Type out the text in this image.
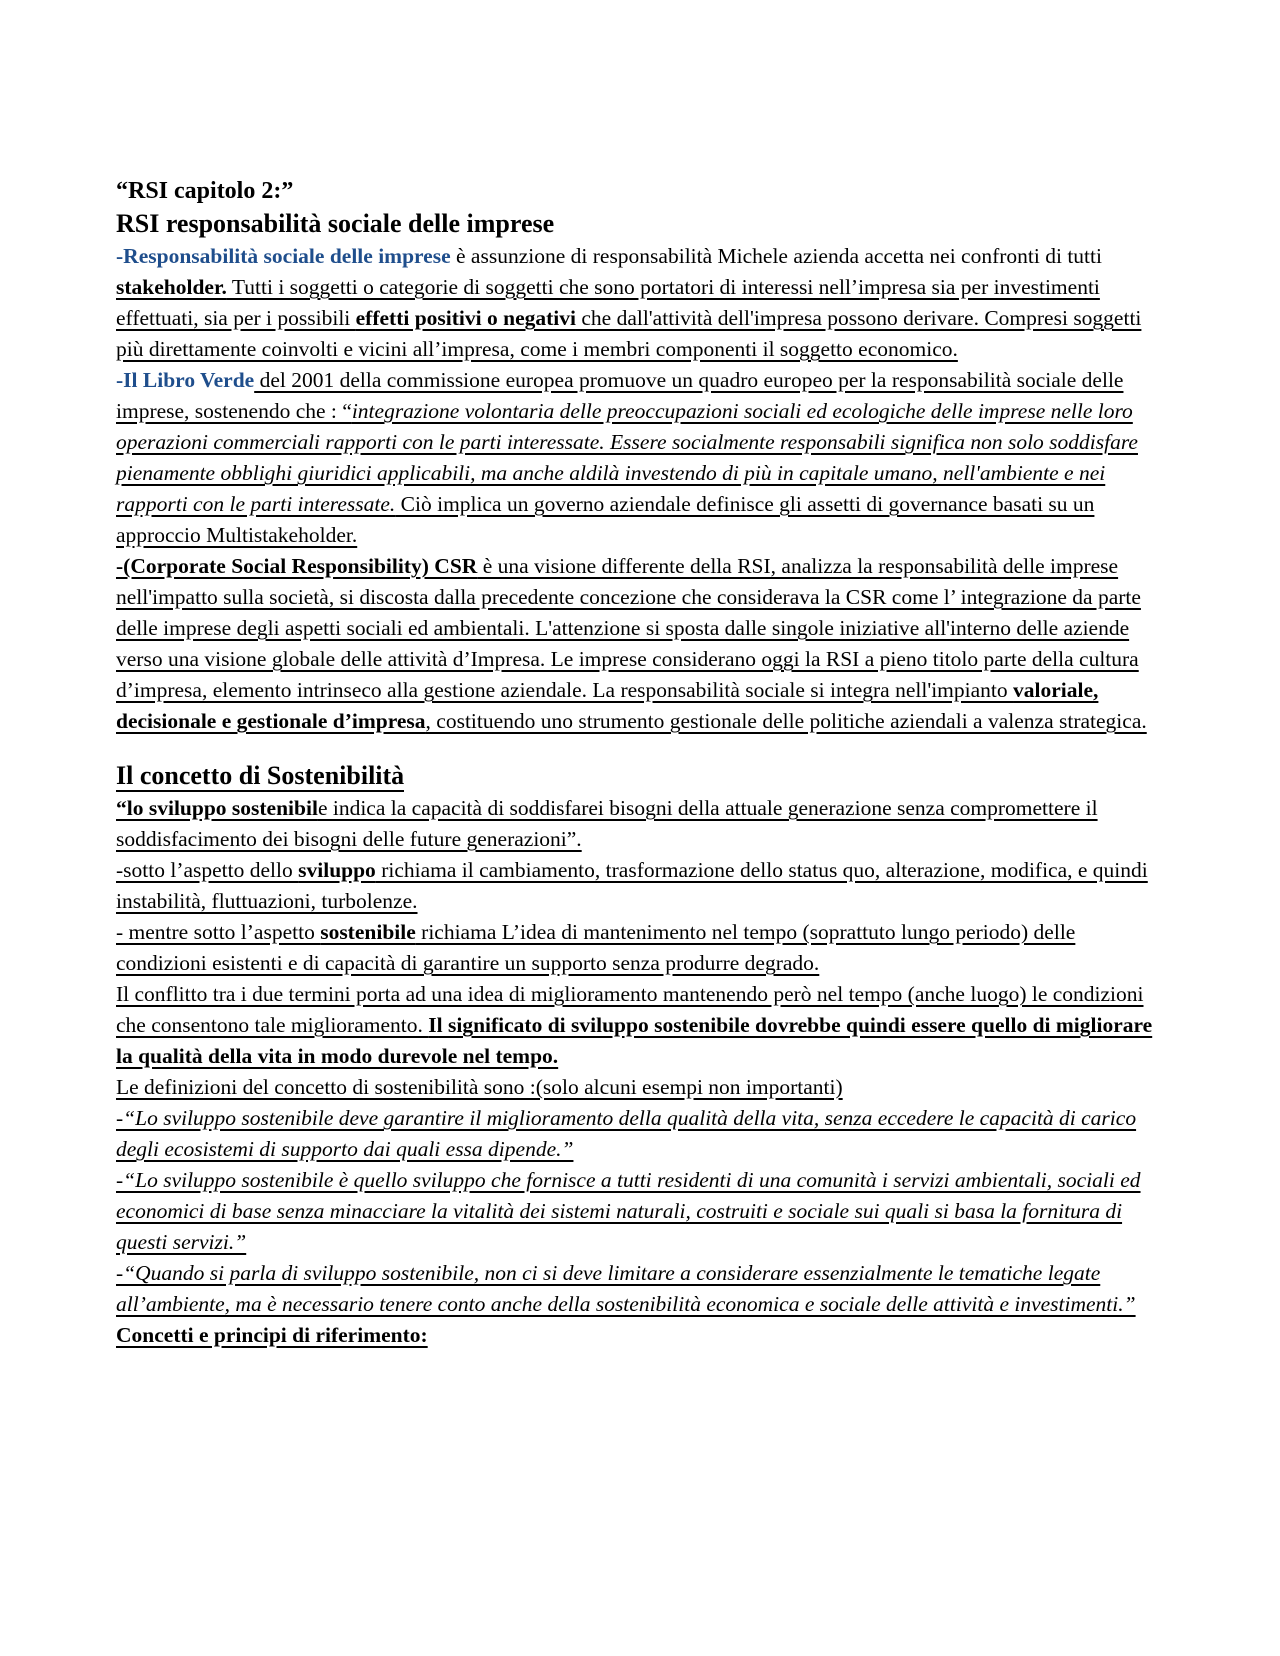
“RSI capitolo 2:”

RSI responsabilità sociale delle imprese

-Responsabilità sociale delle imprese è assunzione di responsabilità Michele azienda accetta nei confronti di tutti stakeholder. Tutti i soggetti o categorie di soggetti che sono portatori di interessi nell’impresa sia per investimenti effettuati, sia per i possibili effetti positivi o negativi che dall'attività dell'impresa possono derivare. Compresi soggetti più direttamente coinvolti e vicini all’impresa, come i membri componenti il soggetto economico.

-Il Libro Verde del 2001 della commissione europea promuove un quadro europeo per la responsabilità sociale delle imprese, sostenendo che : “integrazione volontaria delle preoccupazioni sociali ed ecologiche delle imprese nelle loro operazioni commerciali rapporti con le parti interessate. Essere socialmente responsabili significa non solo soddisfare pienamente obblighi giuridici applicabili, ma anche aldilà investendo di più in capitale umano, nell'ambiente e nei rapporti con le parti interessate. Ciò implica un governo aziendale definisce gli assetti di governance basati su un approccio Multistakeholder.

-(Corporate Social Responsibility) CSR è una visione differente della RSI, analizza la responsabilità delle imprese nell'impatto sulla società, si discosta dalla precedente concezione che considerava la CSR come l’ integrazione da parte delle imprese degli aspetti sociali ed ambientali. L'attenzione si sposta dalle singole iniziative all'interno delle aziende verso una visione globale delle attività d’Impresa. Le imprese considerano oggi la RSI a pieno titolo parte della cultura d’impresa, elemento intrinseco alla gestione aziendale. La responsabilità sociale si integra nell'impianto valoriale, decisionale e gestionale d’impresa, costituendo uno strumento gestionale delle politiche aziendali a valenza strategica.

Il concetto di Sostenibilità

“lo sviluppo sostenibile indica la capacità di soddisfarei bisogni della attuale generazione senza compromettere il soddisfacimento dei bisogni delle future generazioni”.

-sotto l’aspetto dello sviluppo richiama il cambiamento, trasformazione dello status quo, alterazione, modifica, e quindi instabilità, fluttuazioni, turbolenze.

- mentre sotto l’aspetto sostenibile richiama L’idea di mantenimento nel tempo (soprattuto lungo periodo) delle condizioni esistenti e di capacità di garantire un supporto senza produrre degrado.

Il conflitto tra i due termini porta ad una idea di miglioramento mantenendo però nel tempo (anche luogo) le condizioni che consentono tale miglioramento. Il significato di sviluppo sostenibile dovrebbe quindi essere quello di migliorare la qualità della vita in modo durevole nel tempo.

Le definizioni del concetto di sostenibilità sono :(solo alcuni esempi non importanti)

-“Lo sviluppo sostenibile deve garantire il miglioramento della qualità della vita, senza eccedere le capacità di carico degli ecosistemi di supporto dai quali essa dipende.”

-“Lo sviluppo sostenibile è quello sviluppo che fornisce a tutti residenti di una comunità i servizi ambientali, sociali ed economici di base senza minacciare la vitalità dei sistemi naturali, costruiti e sociale sui quali si basa la fornitura di questi servizi.”

-“Quando si parla di sviluppo sostenibile, non ci si deve limitare a considerare essenzialmente le tematiche legate all’ambiente, ma è necessario tenere conto anche della sostenibilità economica e sociale delle attività e investimenti.”

Concetti e principi di riferimento:
